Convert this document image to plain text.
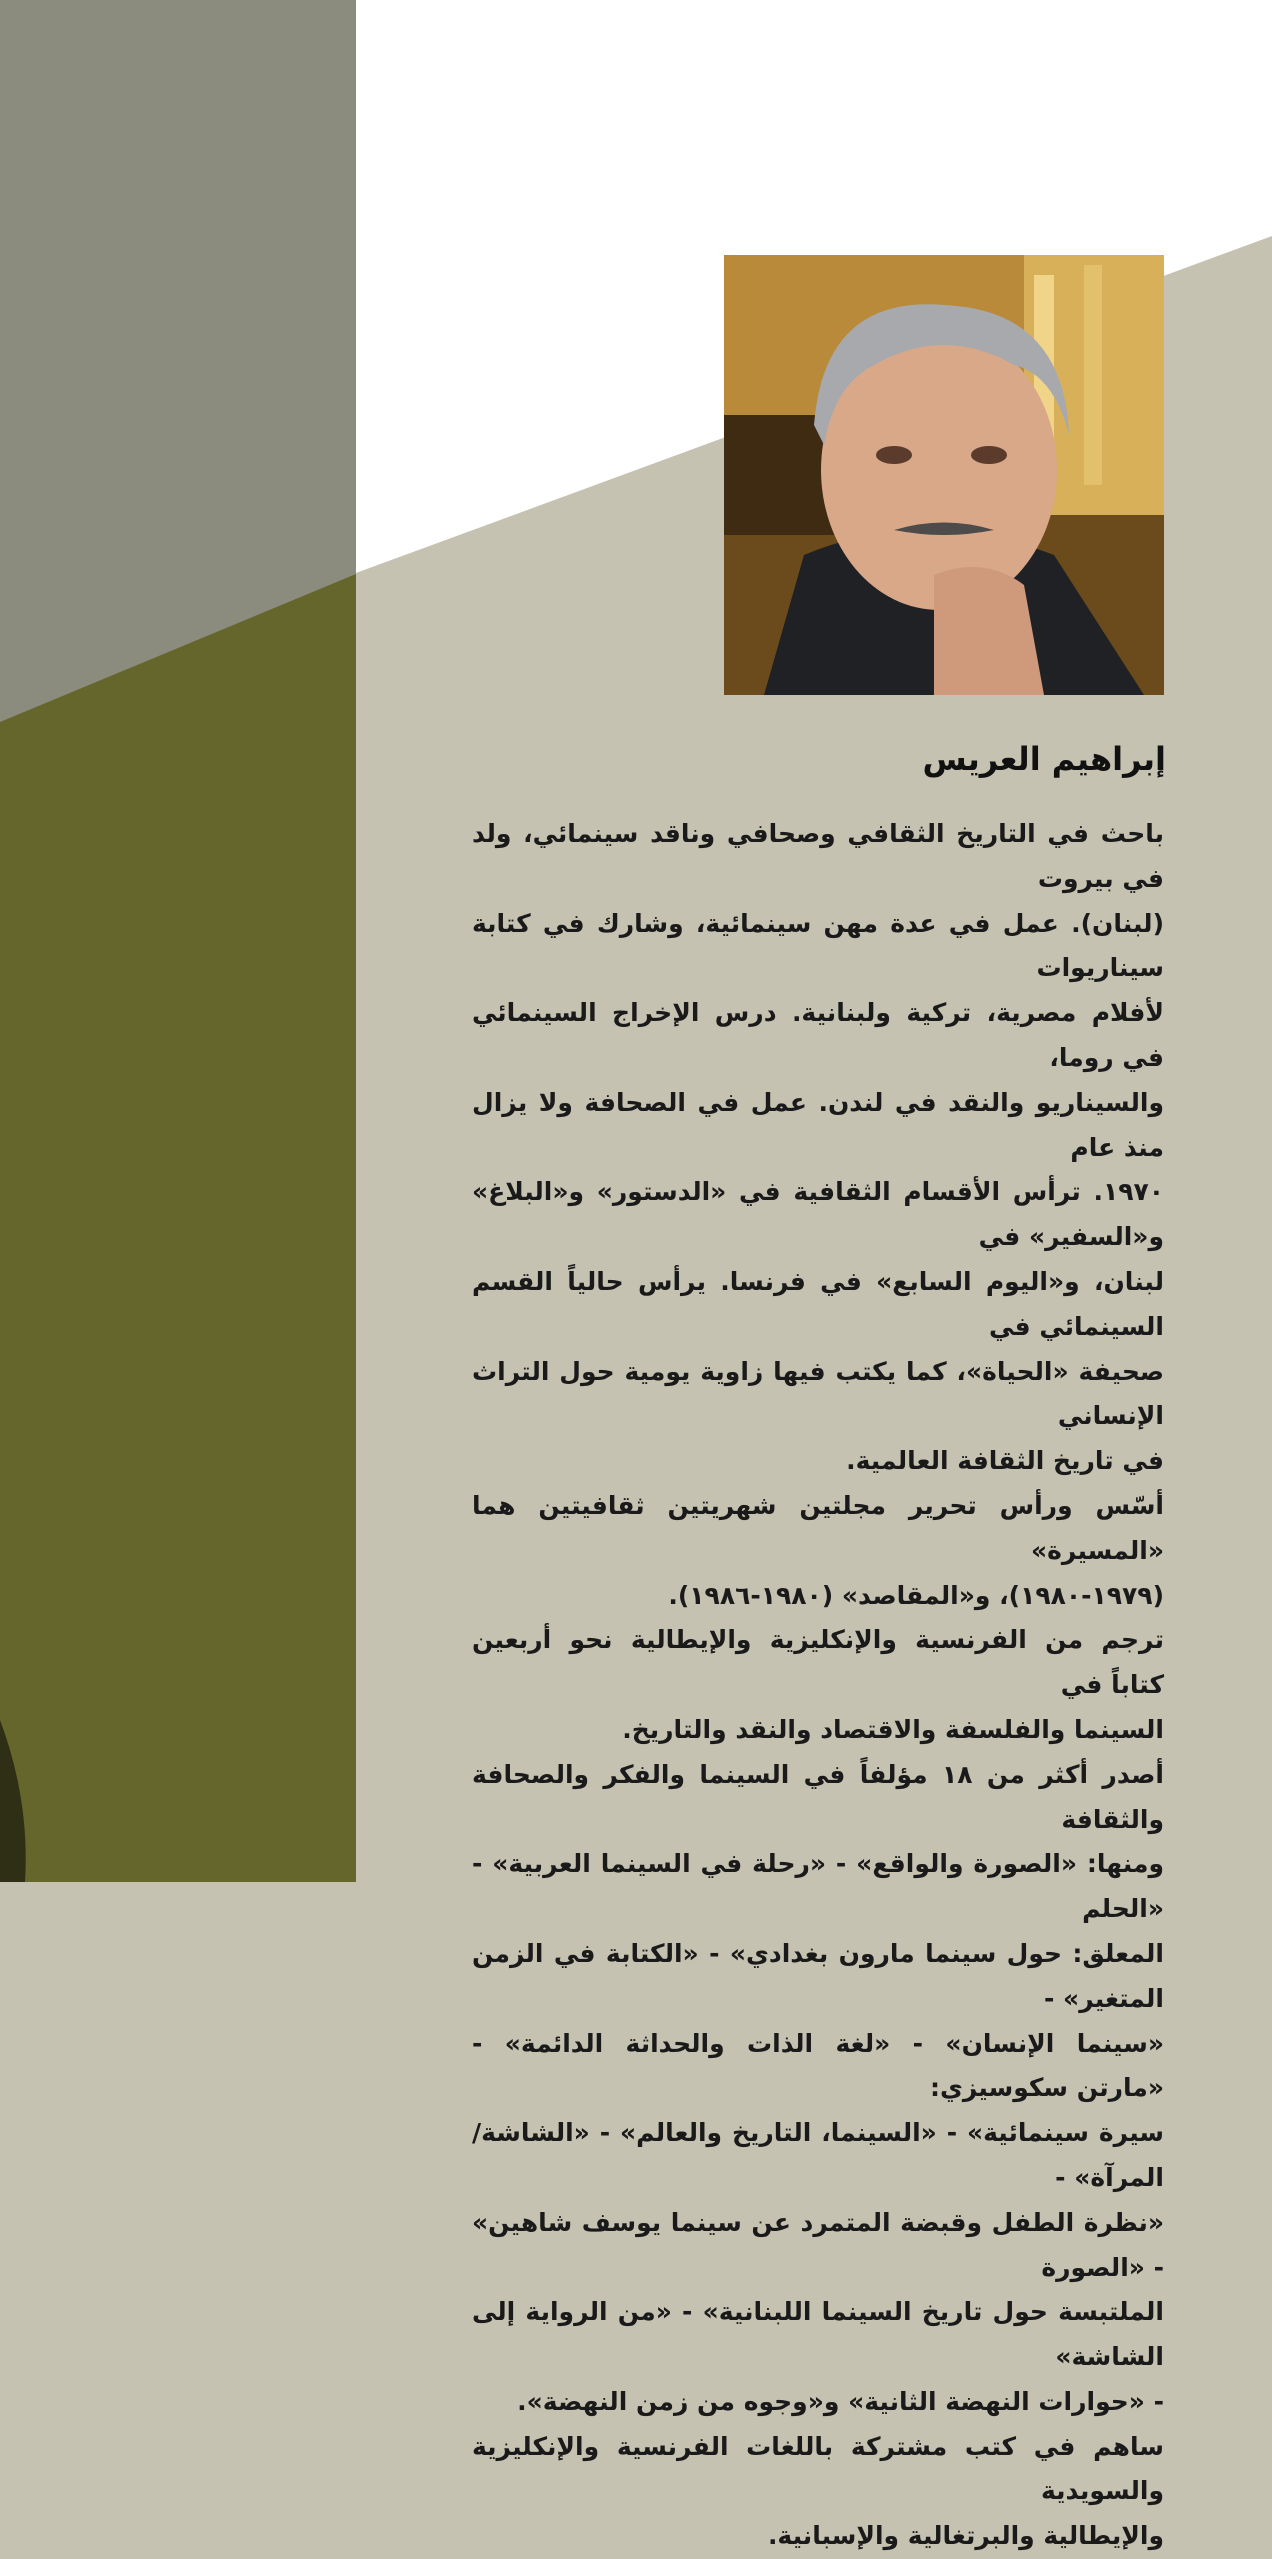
إبراهيم العريس

باحث في التاريخ الثقافي وصحافي وناقد سينمائي، ولد في بيروت
(لبنان). عمل في عدة مهن سينمائية، وشارك في كتابة سيناريوات
لأفلام مصرية، تركية ولبنانية. درس الإخراج السينمائي في روما،
والسيناريو والنقد في لندن. عمل في الصحافة ولا يزال منذ عام
١٩٧٠. ترأس الأقسام الثقافية في «الدستور» و«البلاغ» و«السفير» في
لبنان، و«اليوم السابع» في فرنسا. يرأس حالياً القسم السينمائي في
صحيفة «الحياة»، كما يكتب فيها زاوية يومية حول التراث الإنساني
في تاريخ الثقافة العالمية.

أسّس ورأس تحرير مجلتين شهريتين ثقافيتين هما «المسيرة»
(١٩٧٩-١٩٨٠)، و«المقاصد» (١٩٨٠-١٩٨٦).

ترجم من الفرنسية والإنكليزية والإيطالية نحو أربعين كتاباً في
السينما والفلسفة والاقتصاد والنقد والتاريخ.

أصدر أكثر من ١٨ مؤلفاً في السينما والفكر والصحافة والثقافة
ومنها: «الصورة والواقع» - «رحلة في السينما العربية» - «الحلم
المعلق: حول سينما مارون بغدادي» - «الكتابة في الزمن المتغير» -
«سينما الإنسان» - «لغة الذات والحداثة الدائمة» - «مارتن سكوسيزي:
سيرة سينمائية» - «السينما، التاريخ والعالم» - «الشاشة/المرآة» -
«نظرة الطفل وقبضة المتمرد عن سينما يوسف شاهين» - «الصورة
الملتبسة حول تاريخ السينما اللبنانية» - «من الرواية إلى الشاشة»
- «حوارات النهضة الثانية» و«وجوه من زمن النهضة».

ساهم في كتب مشتركة باللغات الفرنسية والإنكليزية والسويدية
والإيطالية والبرتغالية والإسبانية.
